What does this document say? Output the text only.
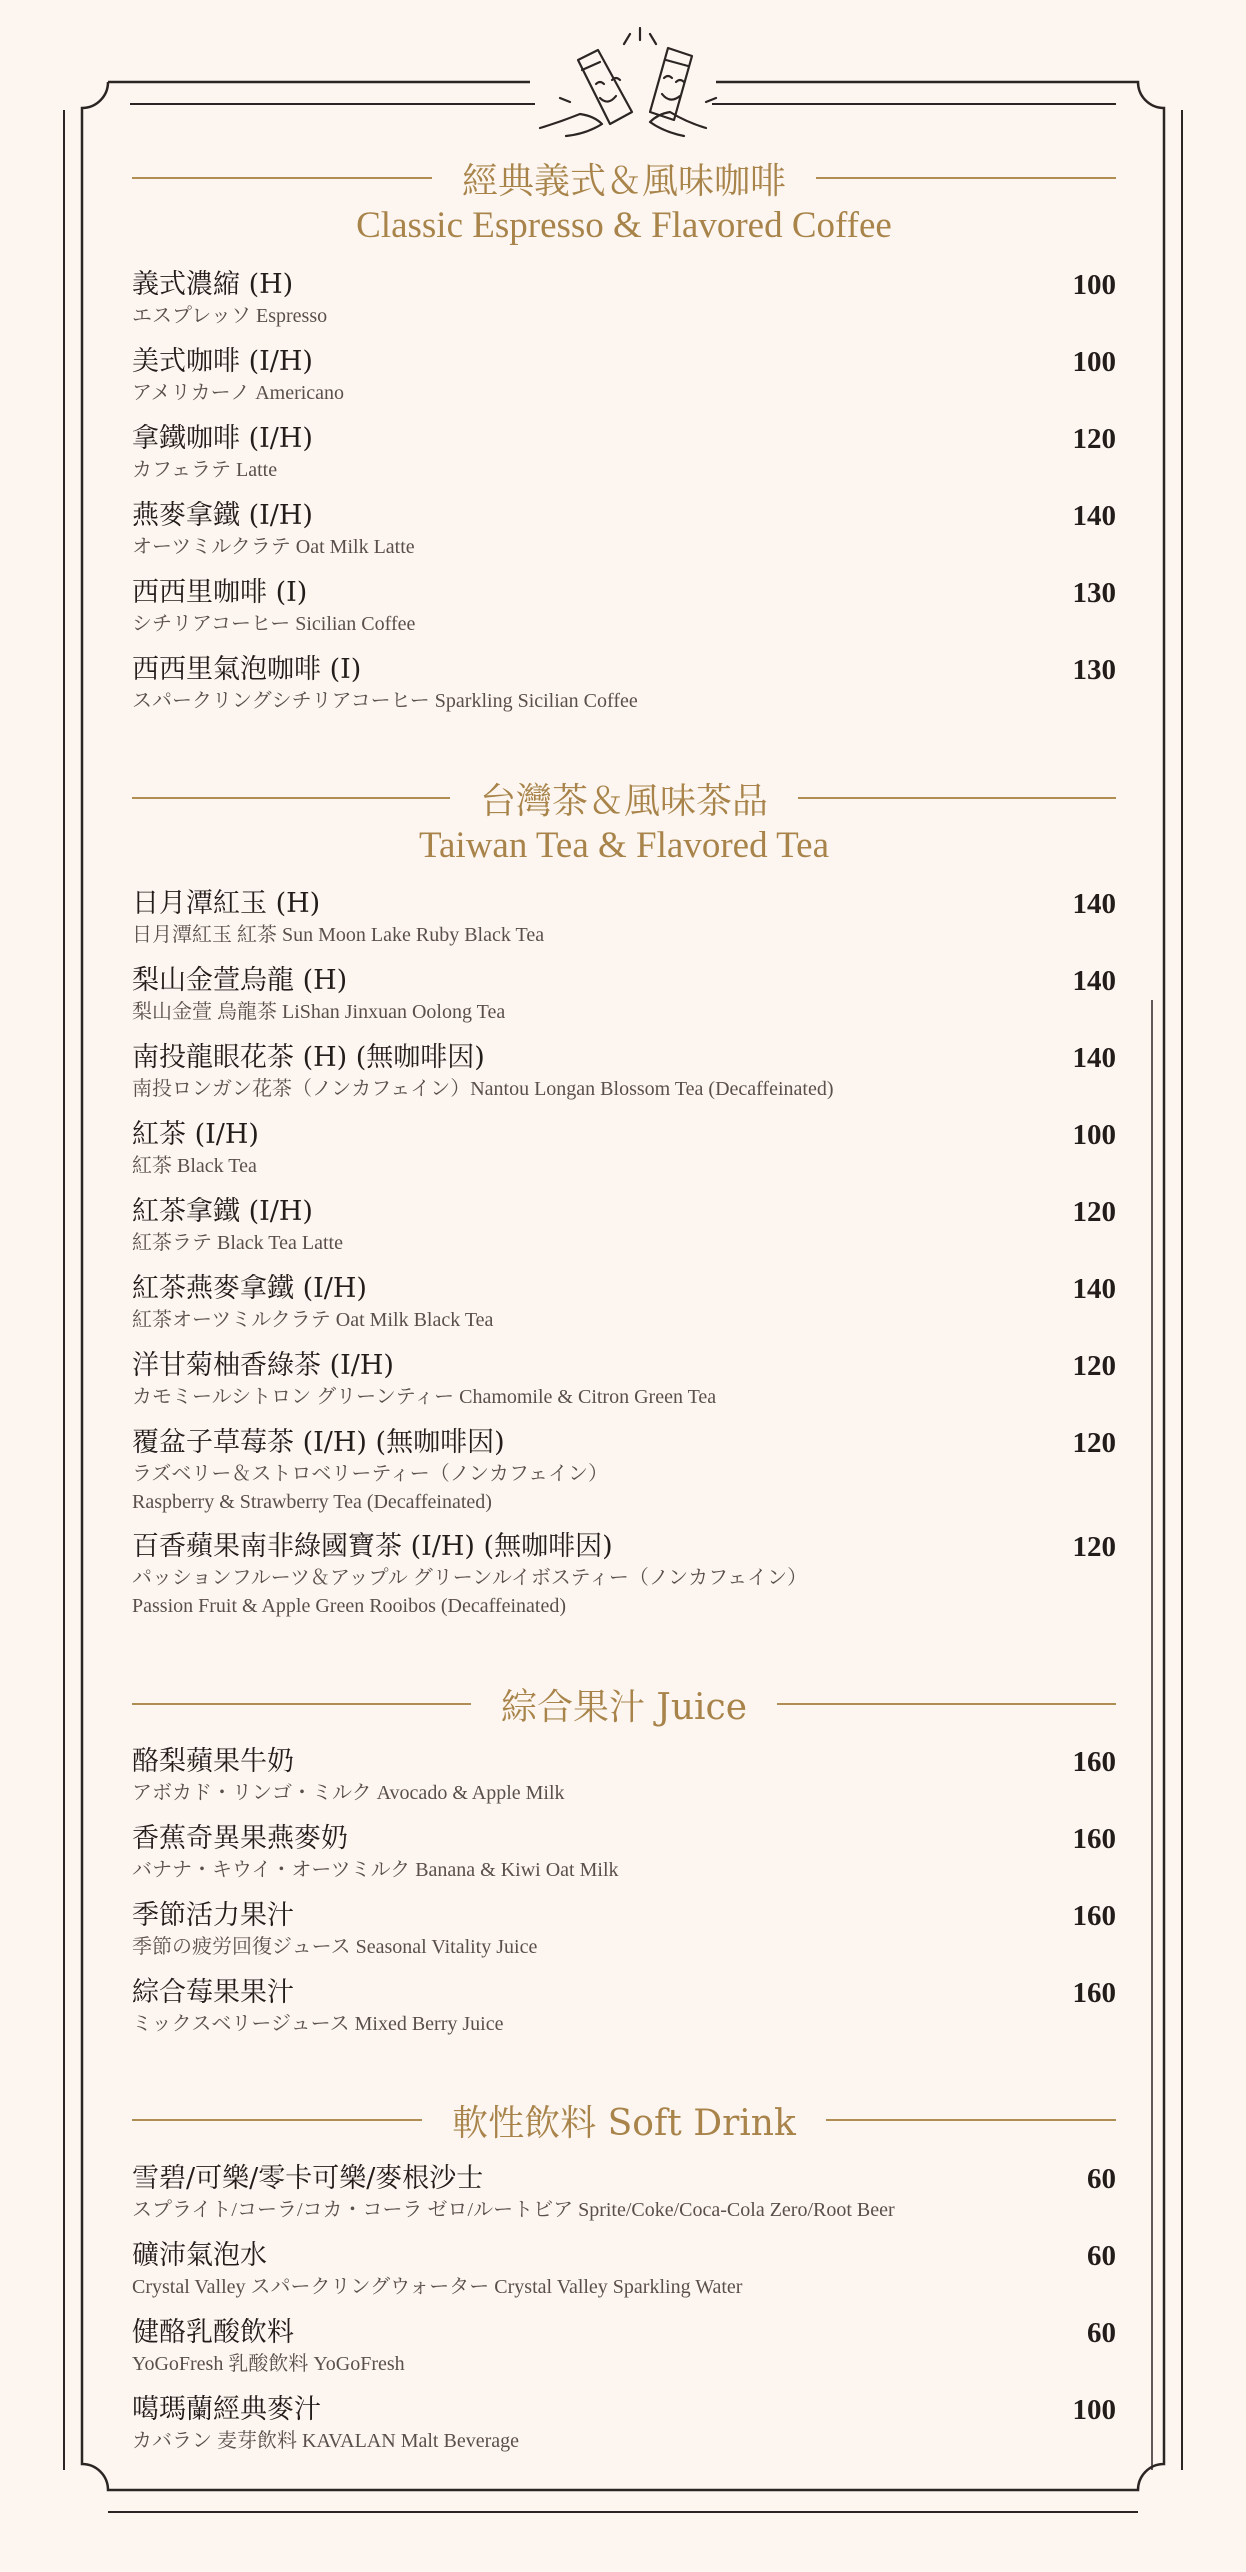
經典義式＆風味咖啡
Classic Espresso & Flavored Coffee
台灣茶＆風味茶品
Taiwan Tea & Flavored Tea
綜合果汁 Juice
軟性飲料 Soft Drink
義式濃縮 (H)
エスプレッソ Espresso
100
美式咖啡 (I/H)
アメリカーノ Americano
100
拿鐵咖啡 (I/H)
カフェラテ Latte
120
燕麥拿鐵 (I/H)
オーツミルクラテ Oat Milk Latte
140
西西里咖啡 (I)
シチリアコーヒー Sicilian Coffee
130
西西里氣泡咖啡 (I)
スパークリングシチリアコーヒー Sparkling Sicilian Coffee
130
日月潭紅玉 (H)
日月潭紅玉 紅茶 Sun Moon Lake Ruby Black Tea
140
梨山金萱烏龍 (H)
梨山金萱 烏龍茶 LiShan Jinxuan Oolong Tea
140
南投龍眼花茶 (H) (無咖啡因)
南投ロンガン花茶（ノンカフェイン）Nantou Longan Blossom Tea (Decaffeinated)
140
紅茶 (I/H)
紅茶 Black Tea
100
紅茶拿鐵 (I/H)
紅茶ラテ Black Tea Latte
120
紅茶燕麥拿鐵 (I/H)
紅茶オーツミルクラテ Oat Milk Black Tea
140
洋甘菊柚香綠茶 (I/H)
カモミールシトロン グリーンティー Chamomile & Citron Green Tea
120
覆盆子草莓茶 (I/H) (無咖啡因)
ラズベリー＆ストロベリーティー（ノンカフェイン）
Raspberry & Strawberry Tea (Decaffeinated)
120
百香蘋果南非綠國寶茶 (I/H) (無咖啡因)
パッションフルーツ＆アップル グリーンルイボスティー（ノンカフェイン）
Passion Fruit & Apple Green Rooibos (Decaffeinated)
120
酪梨蘋果牛奶
アボカド・リンゴ・ミルク Avocado & Apple Milk
160
香蕉奇異果燕麥奶
バナナ・キウイ・オーツミルク Banana & Kiwi Oat Milk
160
季節活力果汁
季節の疲労回復ジュース Seasonal Vitality Juice
160
綜合莓果果汁
ミックスベリージュース Mixed Berry Juice
160
雪碧/可樂/零卡可樂/麥根沙士
スプライト/コーラ/コカ・コーラ ゼロ/ルートビア Sprite/Coke/Coca-Cola Zero/Root Beer
60
礦沛氣泡水
Crystal Valley スパークリングウォーター Crystal Valley Sparkling Water
60
健酪乳酸飲料
YoGoFresh 乳酸飲料 YoGoFresh
60
噶瑪蘭經典麥汁
カバラン 麦芽飲料 KAVALAN Malt Beverage
100
